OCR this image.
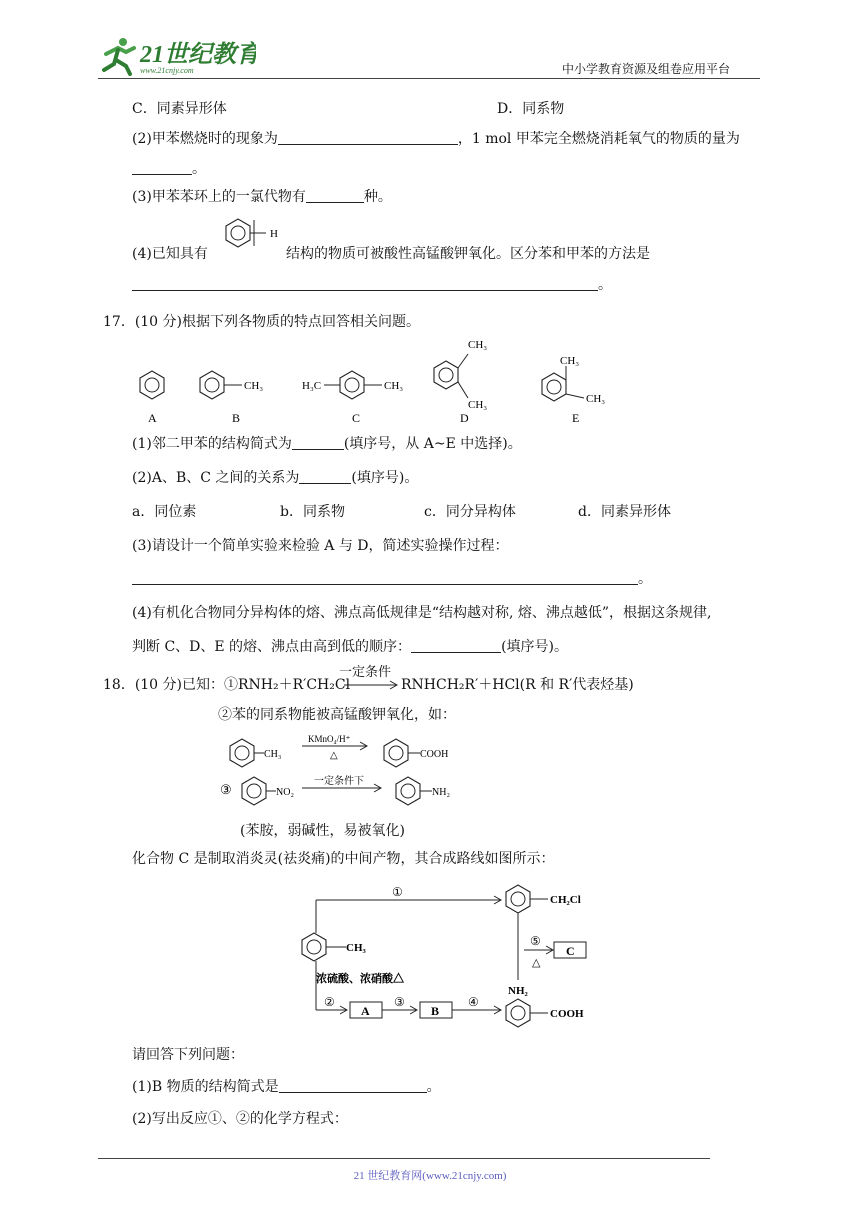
21世纪教育
www.21cnjy.com	中小学教育资源及组卷应用平台
C．同素异形体	D．同系物
(2)甲苯燃烧时的现象为	，1 mol 甲苯完全燃烧消耗氧气的物质的量为
。
(3)甲苯苯环上的一氯代物有	种。
(4)已知具有
H
结构的物质可被酸性高锰酸钾氧化。区分苯和甲苯的方法是
。
17．(10 分)根据下列各物质的特点回答相关问题。
A
CH₃
B
H₃C	CH₃
C
CH₃
CH₃
D
CH₃
CH₃
E
(1)邻二甲苯的结构简式为	(填序号，从 A~E 中选择)。
(2)A、B、C 之间的关系为	(填序号)。
a．同位素	b．同系物	c．同分异构体	d．同素异形体
(3)请设计一个简单实验来检验 A 与 D，简述实验操作过程：
。
(4)有机化合物同分异构体的熔、沸点高低规律是“结构越对称, 熔、沸点越低”，根据这条规律,
判断 C、D、E 的熔、沸点由高到低的顺序：	(填序号)。
18．(10 分)已知：①RNH₂＋R′CH₂Cl
一定条件
→ RNHCH₂R′＋HCl(R 和 R′代表烃基)
②苯的同系物能被高锰酸钾氧化，如：
CH₃
KMnO₄/H⁺
△	COOH
③	NO₂
一定条件下
NH₂
(苯胺，弱碱性，易被氧化)
化合物 C 是制取消炎灵(祛炎痛)的中间产物，其合成路线如图所示：
CH₃
①
CH₂Cl
⑤
△
C
浓硫酸、浓硝酸△
②
A
③
B
④
NH₂
COOH
请回答下列问题：
(1)B 物质的结构简式是	。
(2)写出反应①、②的化学方程式：
21 世纪教育网(www.21cnjy.com)
